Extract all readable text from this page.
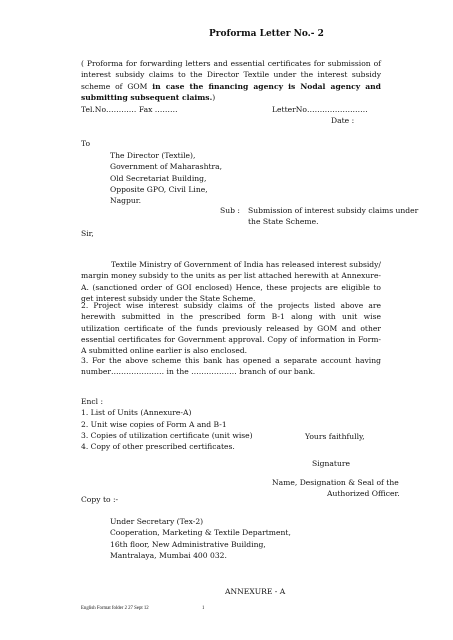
Proforma Letter No.- 2
( Proforma for forwarding letters and essential certificates for submission of interest subsidy claims to the Director Textile under the interest subsidy scheme of GOM in case the financing agency is Nodal agency and submitting subsequent claims.)
Tel.No………… Fax ………	LetterNo……………………
Date :
To
The Director (Textile),
Government of Maharashtra,
Old Secretariat Building,
Opposite GPO, Civil Line,
Nagpur.
Sub : Submission of interest subsidy claims under
the State Scheme.
Sir,
Textile Ministry of Government of India has released interest subsidy/ margin money subsidy to the units as per list attached herewith at Annexure-A. (sanctioned order of GOI enclosed) Hence, these projects are eligible to get interest subsidy under the State Scheme.
2. Project wise interest subsidy claims of the projects listed above are herewith submitted in the prescribed form B-1 along with unit wise utilization certificate of the funds previously released by GOM and other essential certificates for Government approval. Copy of information in Form-A submitted online earlier is also enclosed.
3. For the above scheme this bank has opened a separate account having number………………… in the ……………… branch of our bank.
Encl :
1. List of Units (Annexure-A)
2. Unit wise copies of Form A and B-1
3. Copies of utilization certificate (unit wise)
4. Copy of other prescribed certificates.
Yours faithfully,
Signature
Name, Designation & Seal of the
Authorized Officer.
Copy to :-
Under Secretary (Tex-2)
Cooperation, Marketing & Textile Department,
16th floor, New Administrative Building,
Mantralaya, Mumbai 400 032.
ANNEXURE - A
English Format folder 2 27 Sept 12	1
